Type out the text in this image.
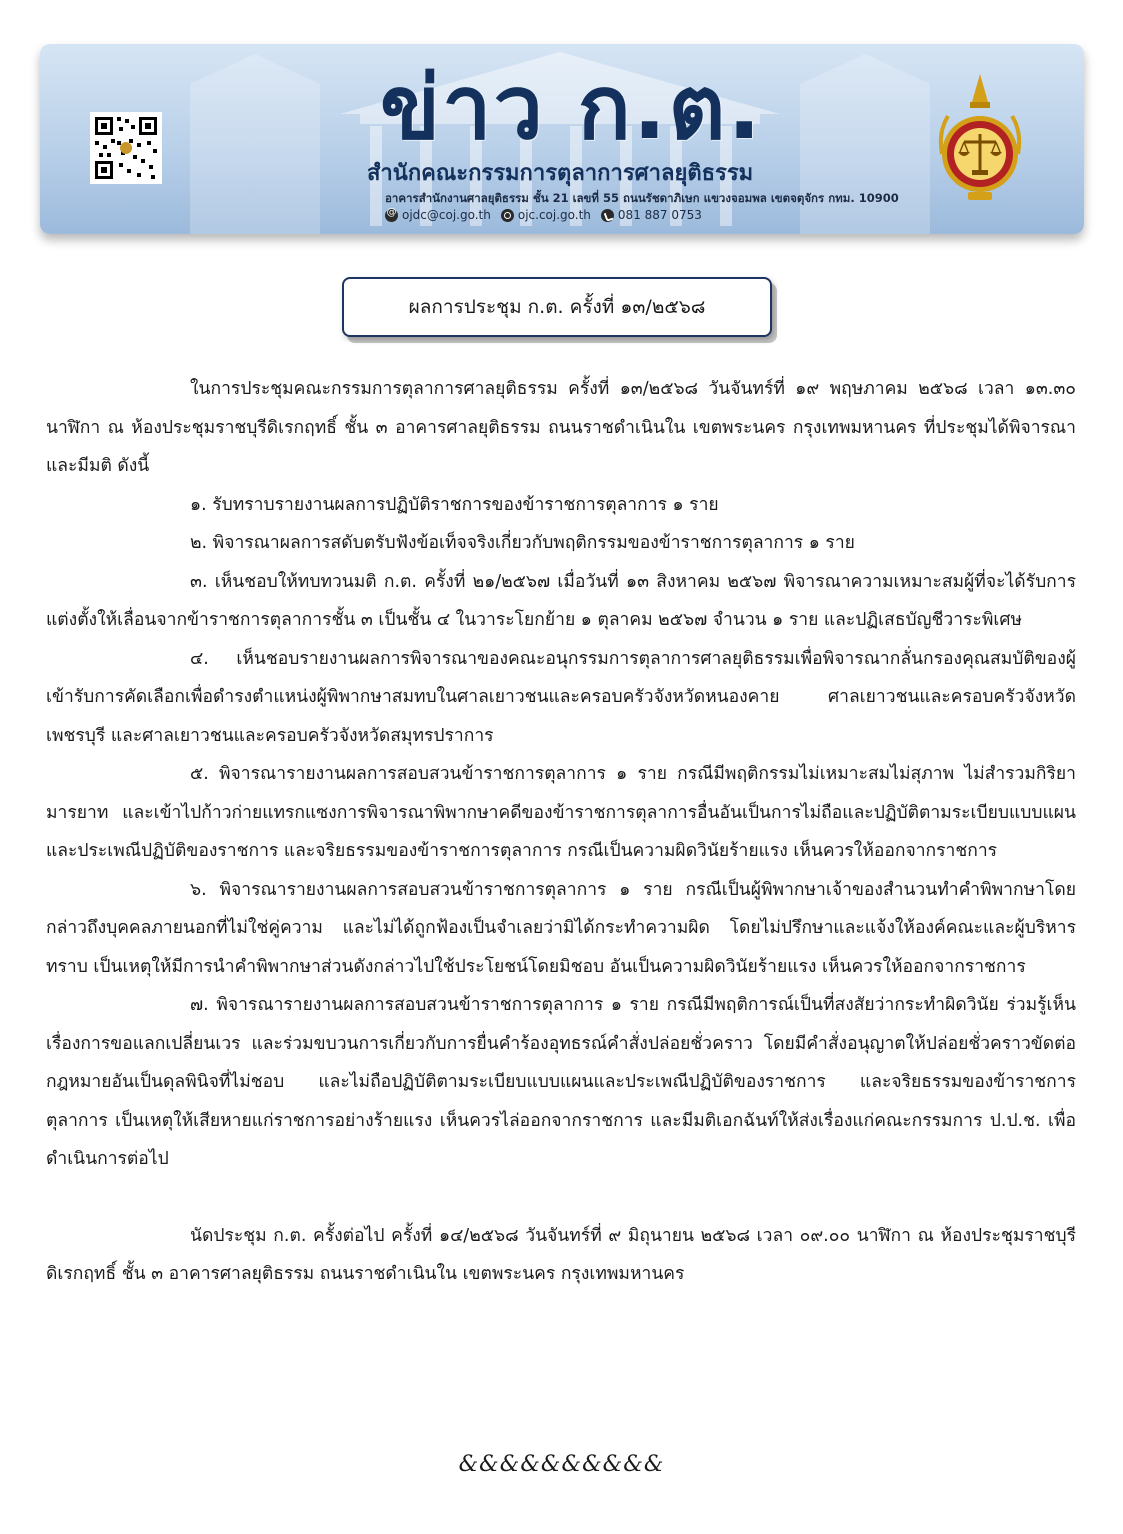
ข่าว ก.ต.
สำนักคณะกรรมการตุลาการศาลยุติธรรม
อาคารสำนักงานศาลยุติธรรม ชั้น 21 เลขที่ 55 ถนนรัชดาภิเษก แขวงจอมพล เขตจตุจักร กทม. 10900
@
ojdc@coj.go.th ojc.coj.go.th 081 887 0753
ผลการประชุม ก.ต. ครั้งที่ ๑๓/๒๕๖๘

ในการประชุมคณะกรรมการตุลาการศาลยุติธรรม ครั้งที่ ๑๓/๒๕๖๘ วันจันทร์ที่ ๑๙ พฤษภาคม ๒๕๖๘ เวลา ๑๓.๓๐ นาฬิกา ณ ห้องประชุมราชบุรีดิเรกฤทธิ์ ชั้น ๓ อาคารศาลยุติธรรม ถนนราชดำเนินใน เขตพระนคร กรุงเทพมหานคร ที่ประชุมได้พิจารณาและมีมติ ดังนี้

๑. รับทราบรายงานผลการปฏิบัติราชการของข้าราชการตุลาการ ๑ ราย

๒. พิจารณาผลการสดับตรับฟังข้อเท็จจริงเกี่ยวกับพฤติกรรมของข้าราชการตุลาการ ๑ ราย

๓. เห็นชอบให้ทบทวนมติ ก.ต. ครั้งที่ ๒๑/๒๕๖๗ เมื่อวันที่ ๑๓ สิงหาคม ๒๕๖๗ พิจารณาความเหมาะสมผู้ที่จะได้รับการแต่งตั้งให้เลื่อนจากข้าราชการตุลาการชั้น ๓ เป็นชั้น ๔ ในวาระโยกย้าย ๑ ตุลาคม ๒๕๖๗ จำนวน ๑ ราย และปฏิเสธบัญชีวาระพิเศษ

๔. เห็นชอบรายงานผลการพิจารณาของคณะอนุกรรมการตุลาการศาลยุติธรรมเพื่อพิจารณากลั่นกรองคุณสมบัติของผู้เข้ารับการคัดเลือกเพื่อดำรงตำแหน่งผู้พิพากษาสมทบในศาลเยาวชนและครอบครัวจังหวัดหนองคาย ศาลเยาวชนและครอบครัวจังหวัดเพชรบุรี และศาลเยาวชนและครอบครัวจังหวัดสมุทรปราการ

๕. พิจารณารายงานผลการสอบสวนข้าราชการตุลาการ ๑ ราย กรณีมีพฤติกรรมไม่เหมาะสมไม่สุภาพ ไม่สำรวมกิริยามารยาท และเข้าไปก้าวก่ายแทรกแซงการพิจารณาพิพากษาคดีของข้าราชการตุลาการอื่นอันเป็นการไม่ถือและปฏิบัติตามระเบียบแบบแผนและประเพณีปฏิบัติของราชการ และจริยธรรมของข้าราชการตุลาการ กรณีเป็นความผิดวินัยร้ายแรง เห็นควรให้ออกจากราชการ

๖. พิจารณารายงานผลการสอบสวนข้าราชการตุลาการ ๑ ราย กรณีเป็นผู้พิพากษาเจ้าของสำนวนทำคำพิพากษาโดยกล่าวถึงบุคคลภายนอกที่ไม่ใช่คู่ความ และไม่ได้ถูกฟ้องเป็นจำเลยว่ามิได้กระทำความผิด โดยไม่ปรึกษาและแจ้งให้องค์คณะและผู้บริหารทราบ เป็นเหตุให้มีการนำคำพิพากษาส่วนดังกล่าวไปใช้ประโยชน์โดยมิชอบ อันเป็นความผิดวินัยร้ายแรง เห็นควรให้ออกจากราชการ

๗. พิจารณารายงานผลการสอบสวนข้าราชการตุลาการ ๑ ราย กรณีมีพฤติการณ์เป็นที่สงสัยว่ากระทำผิดวินัย ร่วมรู้เห็นเรื่องการขอแลกเปลี่ยนเวร และร่วมขบวนการเกี่ยวกับการยื่นคำร้องอุทธรณ์คำสั่งปล่อยชั่วคราว โดยมีคำสั่งอนุญาตให้ปล่อยชั่วคราวขัดต่อกฎหมายอันเป็นดุลพินิจที่ไม่ชอบ และไม่ถือปฏิบัติตามระเบียบแบบแผนและประเพณีปฏิบัติของราชการ และจริยธรรมของข้าราชการตุลาการ เป็นเหตุให้เสียหายแก่ราชการอย่างร้ายแรง เห็นควรไล่ออกจากราชการ และมีมติเอกฉันท์ให้ส่งเรื่องแก่คณะกรรมการ ป.ป.ช. เพื่อดำเนินการต่อไป

นัดประชุม ก.ต. ครั้งต่อไป ครั้งที่ ๑๔/๒๕๖๘ วันจันทร์ที่ ๙ มิถุนายน ๒๕๖๘ เวลา ๐๙.๐๐ นาฬิกา ณ ห้องประชุมราชบุรีดิเรกฤทธิ์ ชั้น ๓ อาคารศาลยุติธรรม ถนนราชดำเนินใน เขตพระนคร กรุงเทพมหานคร

&&&&&&&&&&
